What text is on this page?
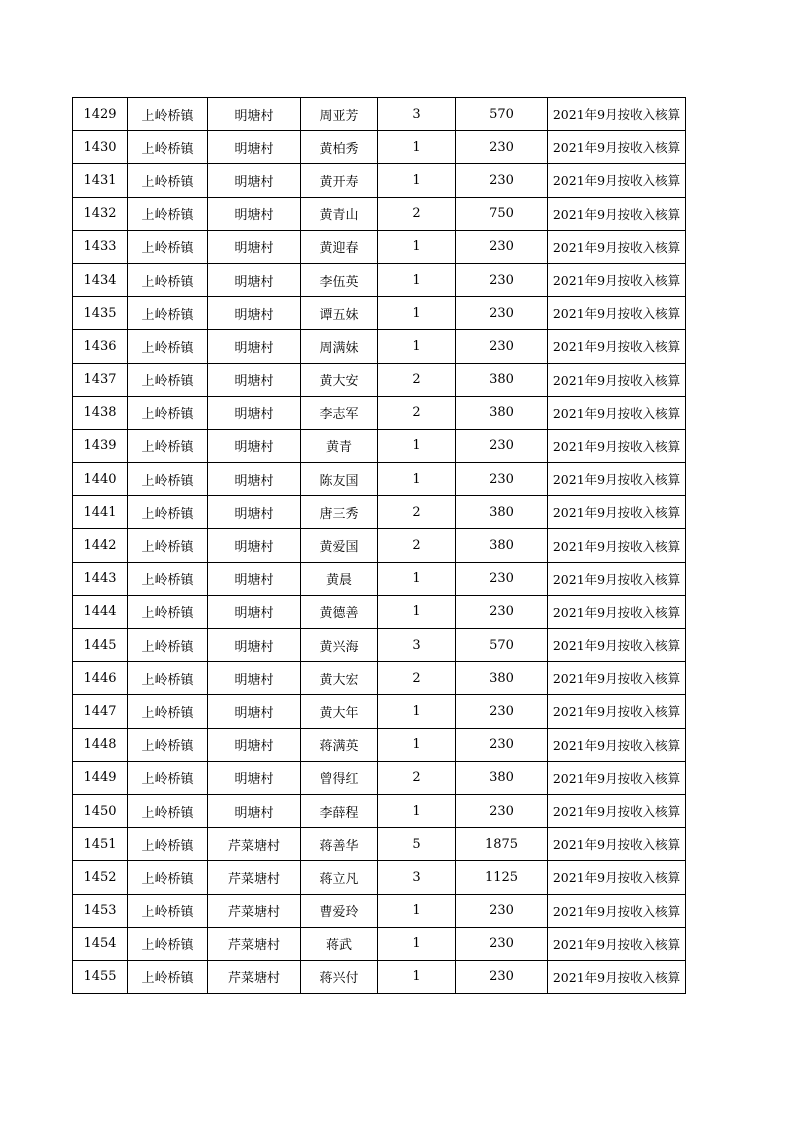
1429	上岭桥镇	明塘村	周亚芳	3	570	2021年9月按收入核算
1430	上岭桥镇	明塘村	黄柏秀	1	230	2021年9月按收入核算
1431	上岭桥镇	明塘村	黄开寿	1	230	2021年9月按收入核算
1432	上岭桥镇	明塘村	黄青山	2	750	2021年9月按收入核算
1433	上岭桥镇	明塘村	黄迎春	1	230	2021年9月按收入核算
1434	上岭桥镇	明塘村	李伍英	1	230	2021年9月按收入核算
1435	上岭桥镇	明塘村	谭五妹	1	230	2021年9月按收入核算
1436	上岭桥镇	明塘村	周满妹	1	230	2021年9月按收入核算
1437	上岭桥镇	明塘村	黄大安	2	380	2021年9月按收入核算
1438	上岭桥镇	明塘村	李志军	2	380	2021年9月按收入核算
1439	上岭桥镇	明塘村	黄青	1	230	2021年9月按收入核算
1440	上岭桥镇	明塘村	陈友国	1	230	2021年9月按收入核算
1441	上岭桥镇	明塘村	唐三秀	2	380	2021年9月按收入核算
1442	上岭桥镇	明塘村	黄爱国	2	380	2021年9月按收入核算
1443	上岭桥镇	明塘村	黄晨	1	230	2021年9月按收入核算
1444	上岭桥镇	明塘村	黄德善	1	230	2021年9月按收入核算
1445	上岭桥镇	明塘村	黄兴海	3	570	2021年9月按收入核算
1446	上岭桥镇	明塘村	黄大宏	2	380	2021年9月按收入核算
1447	上岭桥镇	明塘村	黄大年	1	230	2021年9月按收入核算
1448	上岭桥镇	明塘村	蒋满英	1	230	2021年9月按收入核算
1449	上岭桥镇	明塘村	曾得红	2	380	2021年9月按收入核算
1450	上岭桥镇	明塘村	李薛程	1	230	2021年9月按收入核算
1451	上岭桥镇	芹菜塘村	蒋善华	5	1875	2021年9月按收入核算
1452	上岭桥镇	芹菜塘村	蒋立凡	3	1125	2021年9月按收入核算
1453	上岭桥镇	芹菜塘村	曹爱玲	1	230	2021年9月按收入核算
1454	上岭桥镇	芹菜塘村	蒋武	1	230	2021年9月按收入核算
1455	上岭桥镇	芹菜塘村	蒋兴付	1	230	2021年9月按收入核算
